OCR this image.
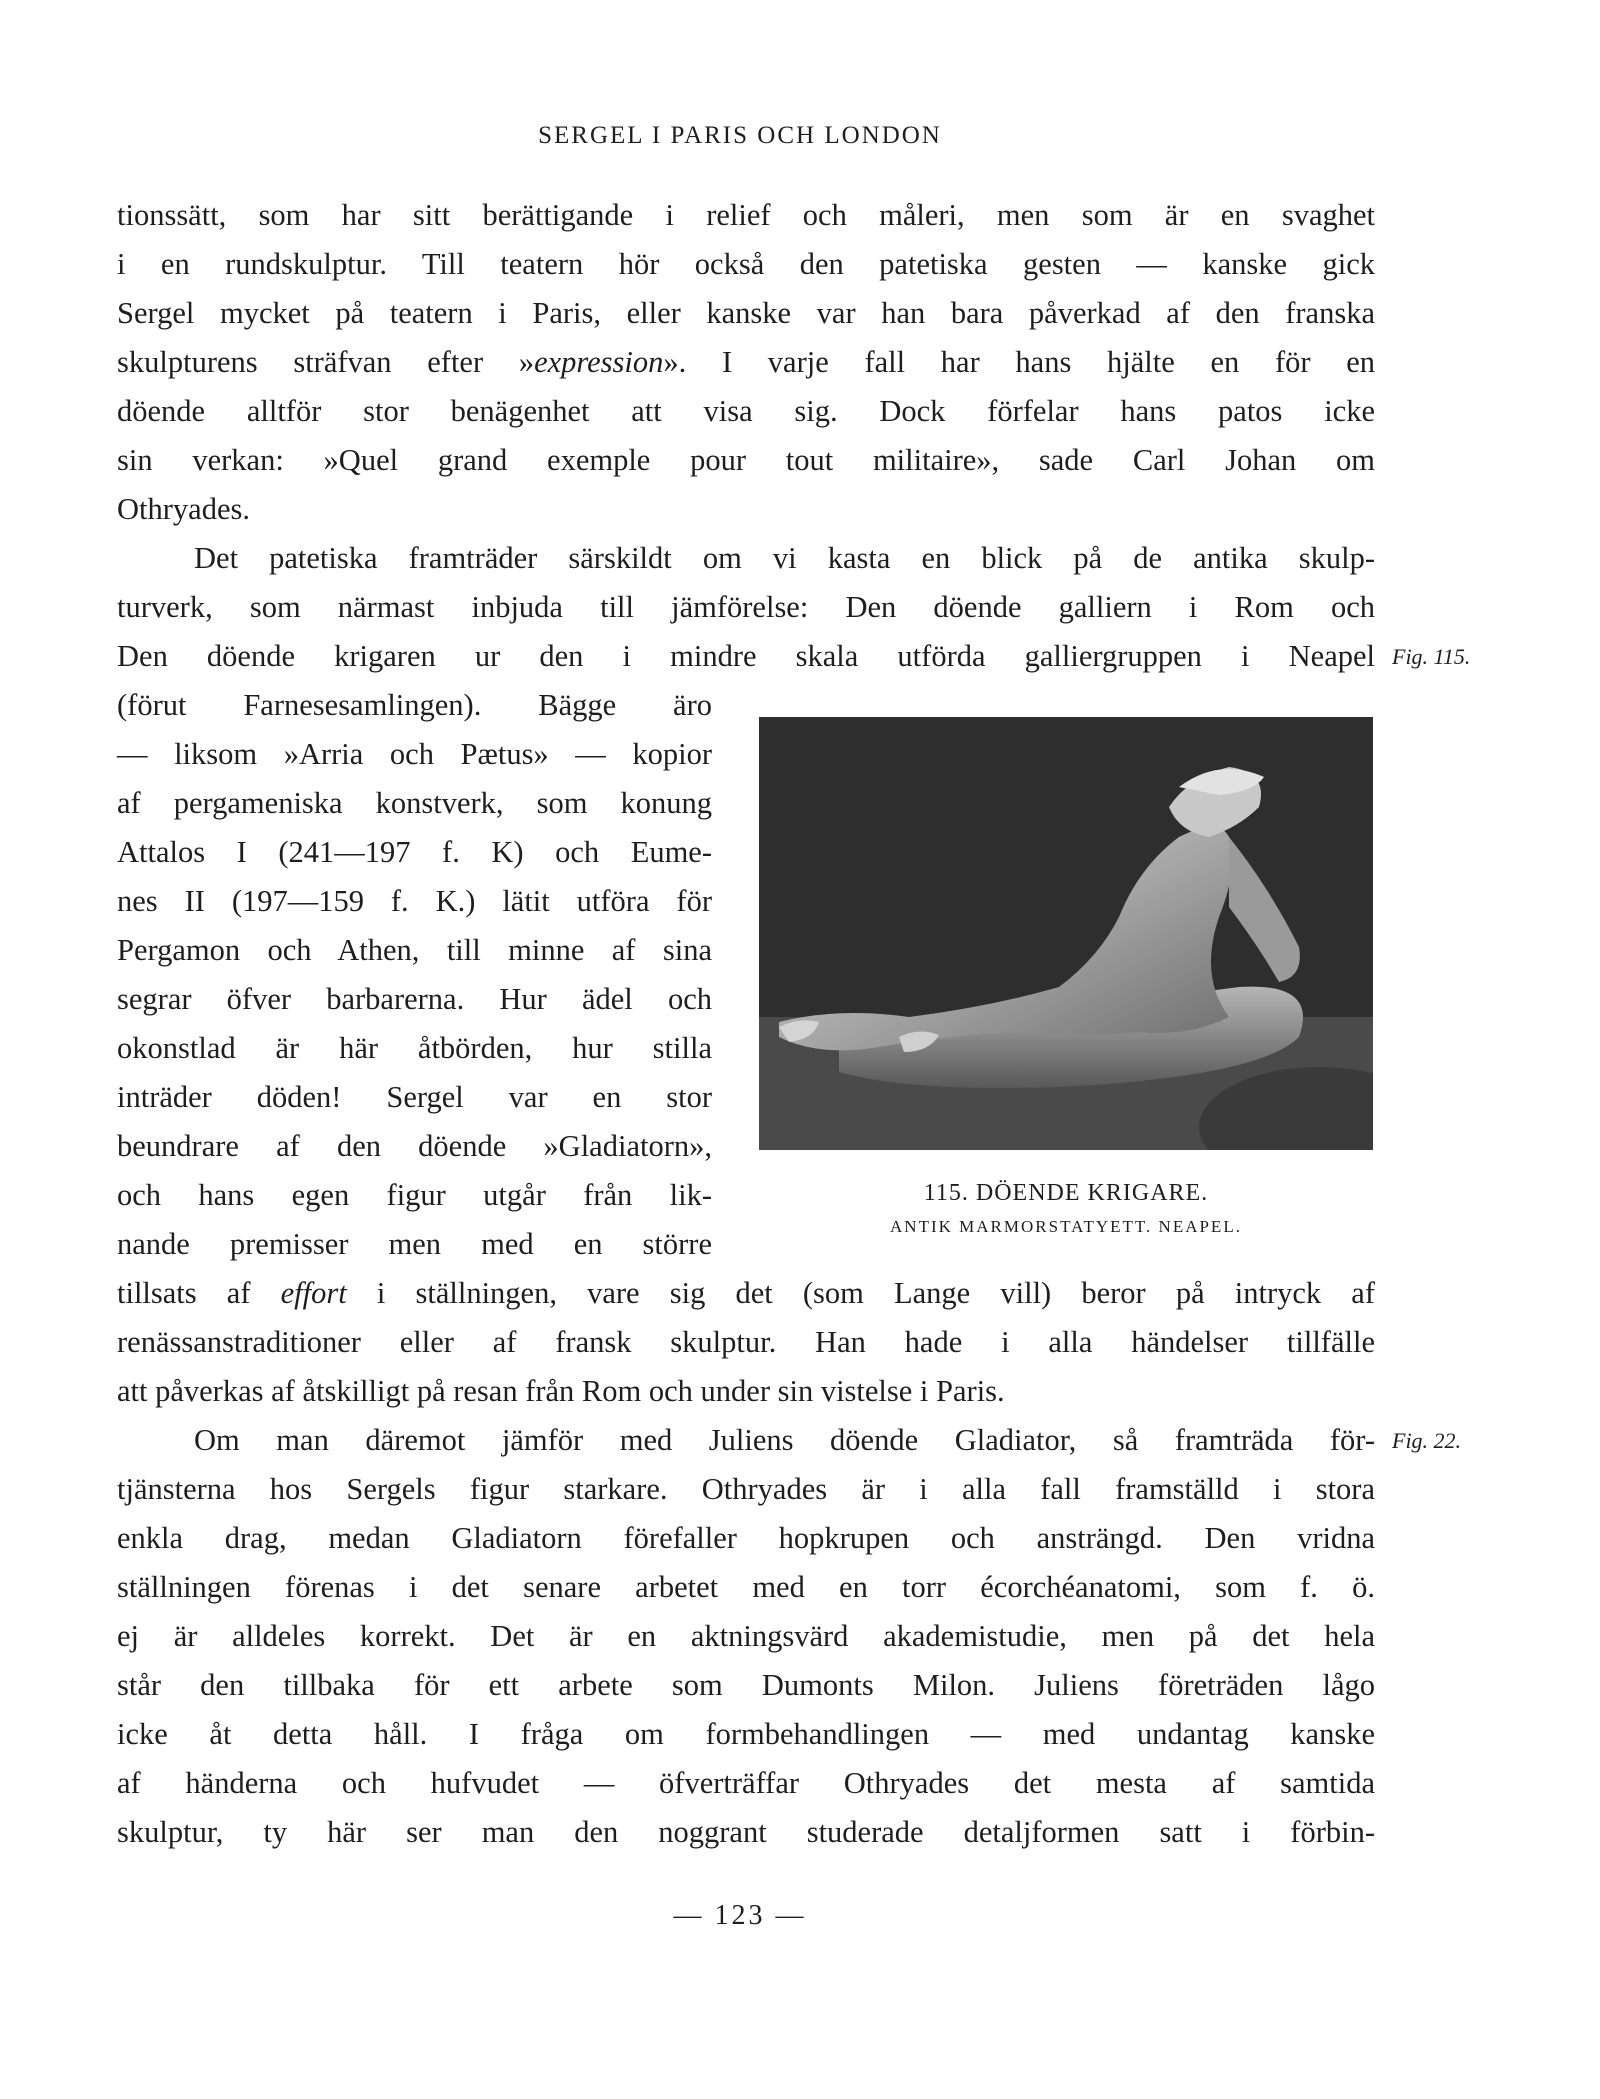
SERGEL I PARIS OCH LONDON
tionssätt, som har sitt berättigande i relief och måleri, men som är en svaghet
i en rundskulptur. Till teatern hör också den patetiska gesten — kanske gick
Sergel mycket på teatern i Paris, eller kanske var han bara påverkad af den franska
skulpturens sträfvan efter »expression». I varje fall har hans hjälte en för en
döende alltför stor benägenhet att visa sig. Dock förfelar hans patos icke
sin verkan: »Quel grand exemple pour tout militaire», sade Carl Johan om
Othryades.
Det patetiska framträder särskildt om vi kasta en blick på de antika skulp-
turverk, som närmast inbjuda till jämförelse: Den döende galliern i Rom och
Den döende krigaren ur den i mindre skala utförda galliergruppen i Neapel Fig. 115.
(förut Farnesesamlingen). Bägge äro
— liksom »Arria och Pætus» — kopior
af pergameniska konstverk, som konung
Attalos I (241—197 f. K) och Eume-
nes II (197—159 f. K.) lätit utföra för
Pergamon och Athen, till minne af sina
segrar öfver barbarerna. Hur ädel och
okonstlad är här åtbörden, hur stilla
inträder döden! Sergel var en stor
beundrare af den döende »Gladiatorn»,
och hans egen figur utgår från lik-
nande premisser men med en större
115. DÖENDE KRIGARE.
ANTIK MARMORSTATYETT. NEAPEL.
tillsats af effort i ställningen, vare sig det (som Lange vill) beror på intryck af
renässanstraditioner eller af fransk skulptur. Han hade i alla händelser tillfälle
att påverkas af åtskilligt på resan från Rom och under sin vistelse i Paris.
Om man däremot jämför med Juliens döende Gladiator, så framträda för- Fig. 22.
tjänsterna hos Sergels figur starkare. Othryades är i alla fall framställd i stora
enkla drag, medan Gladiatorn förefaller hopkrupen och ansträngd. Den vridna
ställningen förenas i det senare arbetet med en torr écorchéanatomi, som f. ö.
ej är alldeles korrekt. Det är en aktningsvärd akademistudie, men på det hela
står den tillbaka för ett arbete som Dumonts Milon. Juliens företräden lågo
icke åt detta håll. I fråga om formbehandlingen — med undantag kanske
af händerna och hufvudet — öfverträffar Othryades det mesta af samtida
skulptur, ty här ser man den noggrant studerade detaljformen satt i förbin-
— 123 —
